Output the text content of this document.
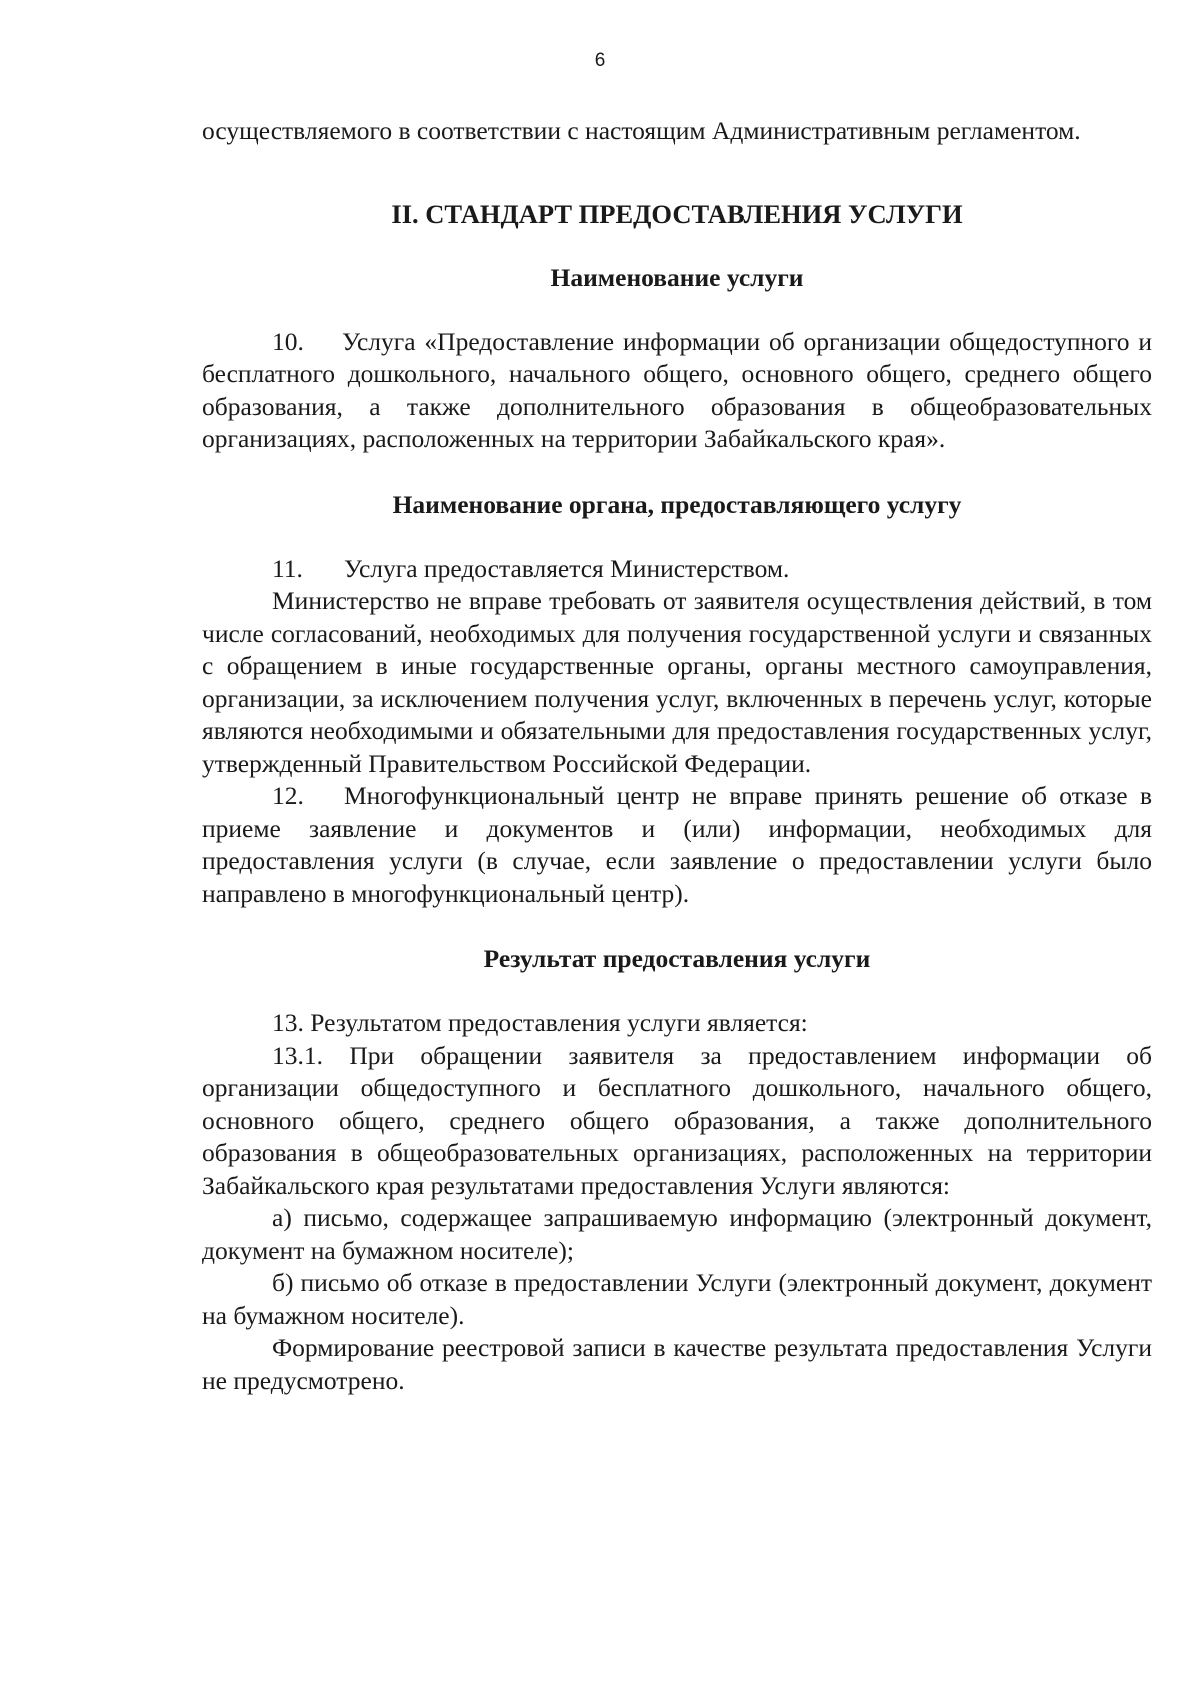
6

осуществляемого в соответствии с настоящим Административным регламентом.

II. СТАНДАРТ ПРЕДОСТАВЛЕНИЯ УСЛУГИ
Наименование услуги

10. Услуга «Предоставление информации об организации общедоступного и бесплатного дошкольного, начального общего, основного общего, среднего общего образования, а также дополнительного образования в общеобразовательных организациях, расположенных на территории Забайкальского края».

Наименование органа, предоставляющего услугу

11. Услуга предоставляется Министерством.

Министерство не вправе требовать от заявителя осуществления действий, в том числе согласований, необходимых для получения государственной услуги и связанных с обращением в иные государственные органы, органы местного самоуправления, организации, за исключением получения услуг, включенных в перечень услуг, которые являются необходимыми и обязательными для предоставления государственных услуг, утвержденный Правительством Российской Федерации.

12. Многофункциональный центр не вправе принять решение об отказе в приеме заявление и документов и (или) информации, необходимых для предоставления услуги (в случае, если заявление о предоставлении услуги было направлено в многофункциональный центр).

Результат предоставления услуги

13. Результатом предоставления услуги является:

13.1. При обращении заявителя за предоставлением информации об организации общедоступного и бесплатного дошкольного, начального общего, основного общего, среднего общего образования, а также дополнительного образования в общеобразовательных организациях, расположенных на территории Забайкальского края результатами предоставления Услуги являются:

а) письмо, содержащее запрашиваемую информацию (электронный документ, документ на бумажном носителе);

б) письмо об отказе в предоставлении Услуги (электронный документ, документ на бумажном носителе).

Формирование реестровой записи в качестве результата предоставления Услуги не предусмотрено.
